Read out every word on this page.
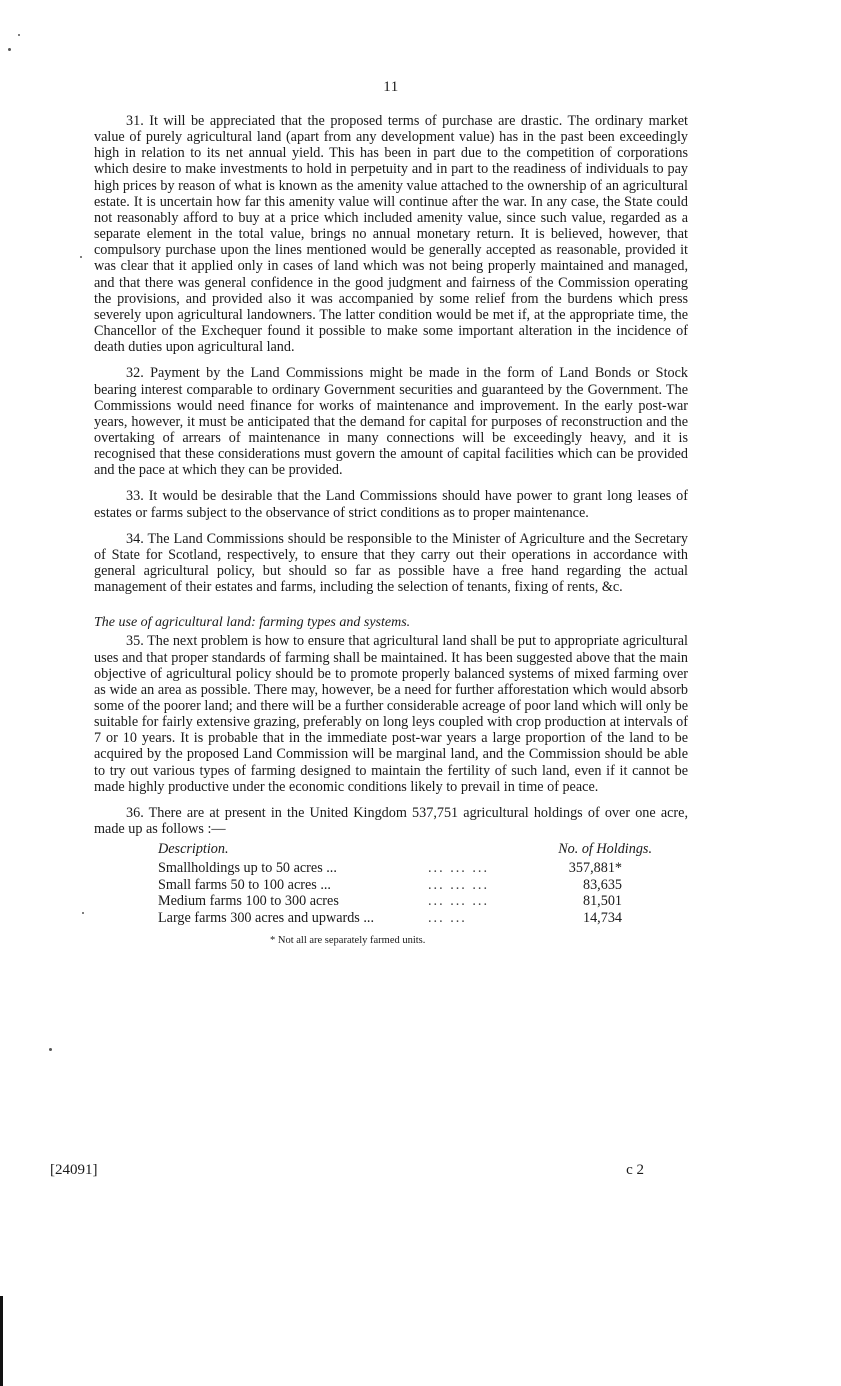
11

31. It will be appreciated that the proposed terms of purchase are drastic. The ordinary market value of purely agricultural land (apart from any development value) has in the past been exceedingly high in relation to its net annual yield. This has been in part due to the competition of corporations which desire to make investments to hold in perpetuity and in part to the readiness of individuals to pay high prices by reason of what is known as the amenity value attached to the ownership of an agricultural estate. It is uncertain how far this amenity value will continue after the war. In any case, the State could not reasonably afford to buy at a price which included amenity value, since such value, regarded as a separate element in the total value, brings no annual monetary return. It is believed, however, that compulsory purchase upon the lines mentioned would be generally accepted as reasonable, provided it was clear that it applied only in cases of land which was not being properly maintained and managed, and that there was general confidence in the good judgment and fairness of the Commission operating the provisions, and provided also it was accompanied by some relief from the burdens which press severely upon agricultural landowners. The latter condition would be met if, at the appropriate time, the Chancellor of the Exchequer found it possible to make some important alteration in the incidence of death duties upon agricultural land.

32. Payment by the Land Commissions might be made in the form of Land Bonds or Stock bearing interest comparable to ordinary Government securities and guaranteed by the Government. The Commissions would need finance for works of maintenance and improvement. In the early post-war years, however, it must be anticipated that the demand for capital for purposes of reconstruction and the overtaking of arrears of maintenance in many connections will be exceedingly heavy, and it is recognised that these considerations must govern the amount of capital facilities which can be provided and the pace at which they can be provided.

33. It would be desirable that the Land Commissions should have power to grant long leases of estates or farms subject to the observance of strict conditions as to proper maintenance.

34. The Land Commissions should be responsible to the Minister of Agriculture and the Secretary of State for Scotland, respectively, to ensure that they carry out their operations in accordance with general agricultural policy, but should so far as possible have a free hand regarding the actual management of their estates and farms, including the selection of tenants, fixing of rents, &c.

The use of agricultural land: farming types and systems.

35. The next problem is how to ensure that agricultural land shall be put to appropriate agricultural uses and that proper standards of farming shall be maintained. It has been suggested above that the main objective of agricultural policy should be to promote properly balanced systems of mixed farming over as wide an area as possible. There may, however, be a need for further afforestation which would absorb some of the poorer land; and there will be a further considerable acreage of poor land which will only be suitable for fairly extensive grazing, preferably on long leys coupled with crop production at intervals of 7 or 10 years. It is probable that in the immediate post-war years a large proportion of the land to be acquired by the proposed Land Commission will be marginal land, and the Commission should be able to try out various types of farming designed to maintain the fertility of such land, even if it cannot be made highly productive under the economic conditions likely to prevail in time of peace.

36. There are at present in the United Kingdom 537,751 agricultural holdings of over one acre, made up as follows :—

Description.		No. of Holdings.
Smallholdings up to 50 acres ...	... ... ...	357,881*
Small farms 50 to 100 acres ...	... ... ...	83,635
Medium farms 100 to 300 acres	... ... ...	81,501
Large farms 300 acres and upwards ...	... ...	14,734
* Not all are separately farmed units.
[24091]	c 2
